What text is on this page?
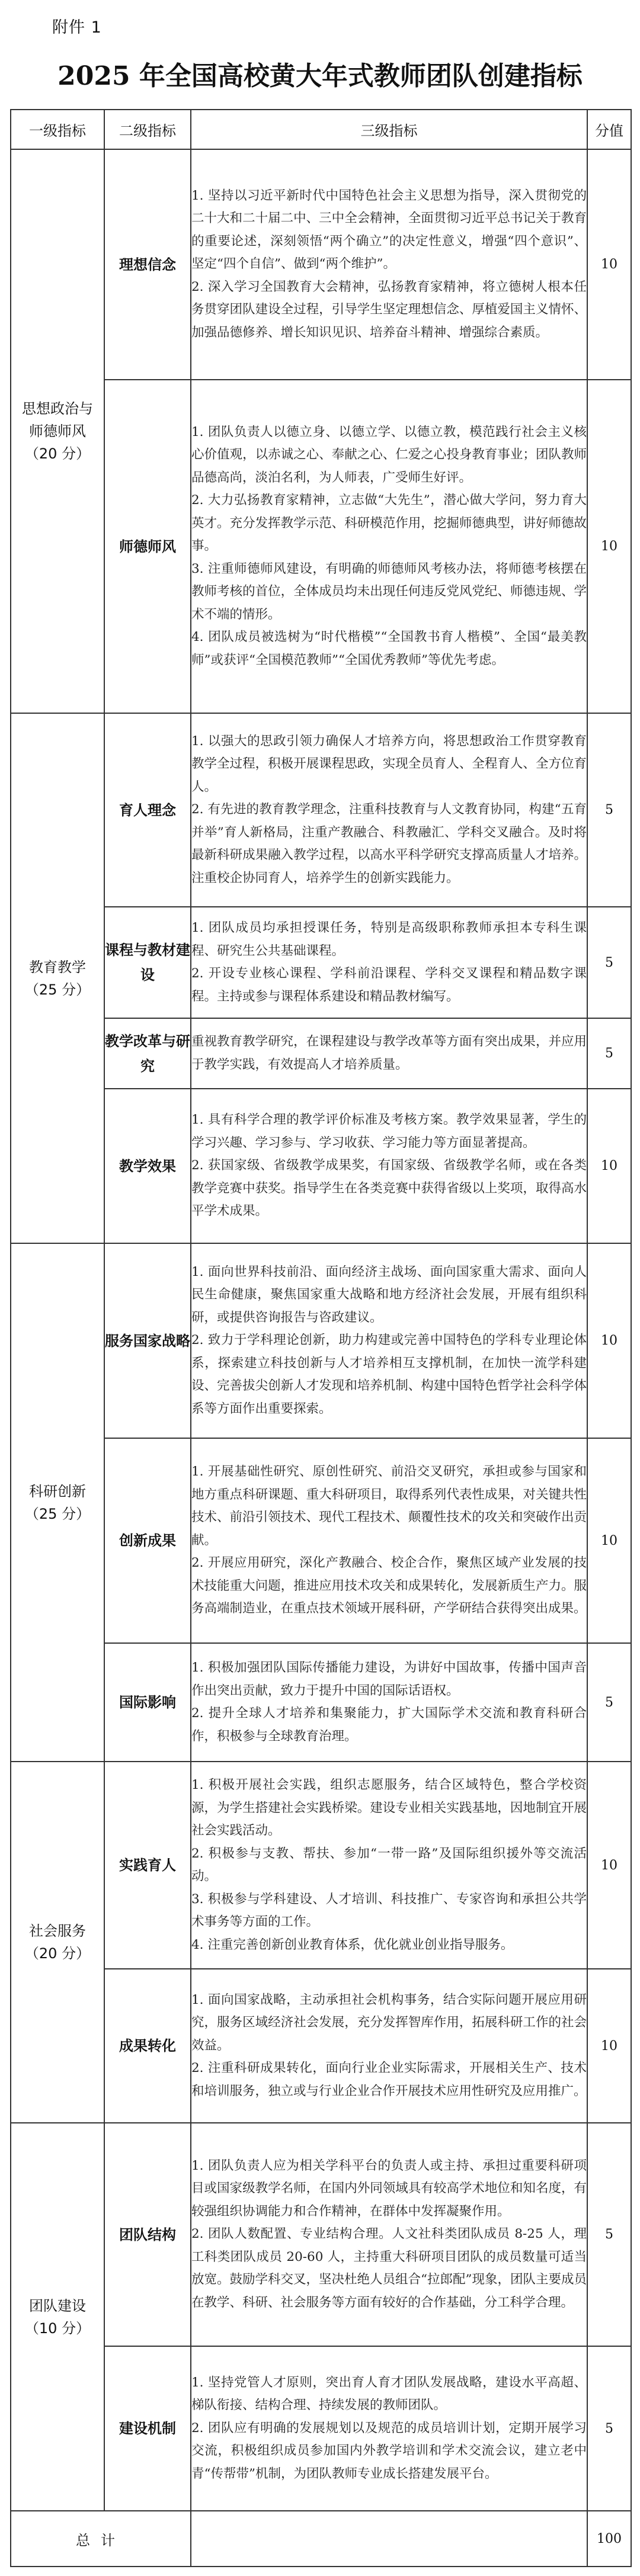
附件 1
2025 年全国高校黄大年式教师团队创建指标
一级指标	二级指标	三级指标	分值

思想政治与师德师风
（20 分）
	理想信念	

1. 坚持以习近平新时代中国特色社会主义思想为指导，深入贯彻党的二十大和二十届二中、三中全会精神，全面贯彻习近平总书记关于教育的重要论述，深刻领悟“两个确立”的决定性意义，增强“四个意识”、坚定“四个自信”、做到“两个维护”。

2. 深入学习全国教育大会精神，弘扬教育家精神，将立德树人根本任务贯穿团队建设全过程，引导学生坚定理想信念、厚植爱国主义情怀、加强品德修养、增长知识见识、培养奋斗精神、增强综合素质。

	10
	师德师风	1. 团队负责人以德立身、以德立学、以德立教，模范践行社会主义核心价值观，以赤诚之心、奉献之心、仁爱之心投身教育事业；团队教师品德高尚，淡泊名利，为人师表，广受师生好评。

2. 大力弘扬教育家精神，立志做“大先生”，潜心做大学问，努力育大英才。充分发挥教学示范、科研模范作用，挖掘师德典型，讲好师德故事。

3. 注重师德师风建设，有明确的师德师风考核办法，将师德考核摆在教师考核的首位，全体成员均未出现任何违反党风党纪、师德违规、学术不端的情形。

4. 团队成员被选树为“时代楷模”“全国教书育人楷模”、全国“最美教师”或获评“全国模范教师”“全国优秀教师”等优先考虑。	10

教育教学
（25 分）
	育人理念	

1. 以强大的思政引领力确保人才培养方向，将思想政治工作贯穿教育教学全过程，积极开展课程思政，实现全员育人、全程育人、全方位育人。

2. 有先进的教育教学理念，注重科技教育与人文教育协同，构建“五育并举”育人新格局，注重产教融合、科教融汇、学科交叉融合。及时将最新科研成果融入教学过程，以高水平科学研究支撑高质量人才培养。注重校企协同育人，培养学生的创新实践能力。

	5
	课程与教材建设	1. 团队成员均承担授课任务，特别是高级职称教师承担本专科生课程、研究生公共基础课程。

2. 开设专业核心课程、学科前沿课程、学科交叉课程和精品数字课程。主持或参与课程体系建设和精品教材编写。	5
	教学改革与研究	重视教育教学研究，在课程建设与教学改革等方面有突出成果，并应用于教学实践，有效提高人才培养质量。	5
	教学效果	1. 具有科学合理的教学评价标准及考核方案。教学效果显著，学生的学习兴趣、学习参与、学习收获、学习能力等方面显著提高。

2. 获国家级、省级教学成果奖，有国家级、省级教学名师，或在各类教学竞赛中获奖。指导学生在各类竞赛中获得省级以上奖项，取得高水平学术成果。	10

科研创新
（25 分）
	服务国家战略	

1. 面向世界科技前沿、面向经济主战场、面向国家重大需求、面向人民生命健康，聚焦国家重大战略和地方经济社会发展，开展有组织科研，或提供咨询报告与咨政建议。

2. 致力于学科理论创新，助力构建或完善中国特色的学科专业理论体系，探索建立科技创新与人才培养相互支撑机制，在加快一流学科建设、完善拔尖创新人才发现和培养机制、构建中国特色哲学社会科学体系等方面作出重要探索。

	10
	创新成果	1. 开展基础性研究、原创性研究、前沿交叉研究，承担或参与国家和地方重点科研课题、重大科研项目，取得系列代表性成果，对关键共性技术、前沿引领技术、现代工程技术、颠覆性技术的攻关和突破作出贡献。

2. 开展应用研究，深化产教融合、校企合作，聚焦区域产业发展的技术技能重大问题，推进应用技术攻关和成果转化，发展新质生产力。服务高端制造业，在重点技术领域开展科研，产学研结合获得突出成果。	10
	国际影响	1. 积极加强团队国际传播能力建设，为讲好中国故事，传播中国声音作出突出贡献，致力于提升中国的国际话语权。

2. 提升全球人才培养和集聚能力，扩大国际学术交流和教育科研合作，积极参与全球教育治理。	5

社会服务
（20 分）
	实践育人	

1. 积极开展社会实践，组织志愿服务，结合区域特色，整合学校资源，为学生搭建社会实践桥梁。建设专业相关实践基地，因地制宜开展社会实践活动。

2. 积极参与支教、帮扶、参加“一带一路”及国际组织援外等交流活动。

3. 积极参与学科建设、人才培训、科技推广、专家咨询和承担公共学术事务等方面的工作。

4. 注重完善创新创业教育体系，优化就业创业指导服务。

	10
	成果转化	1. 面向国家战略，主动承担社会机构事务，结合实际问题开展应用研究，服务区域经济社会发展，充分发挥智库作用，拓展科研工作的社会效益。

2. 注重科研成果转化，面向行业企业实际需求，开展相关生产、技术和培训服务，独立或与行业企业合作开展技术应用性研究及应用推广。	10

团队建设
（10 分）
	团队结构	

1. 团队负责人应为相关学科平台的负责人或主持、承担过重要科研项目或国家级教学名师，在国内外同领域具有较高学术地位和知名度，有较强组织协调能力和合作精神，在群体中发挥凝聚作用。

2. 团队人数配置、专业结构合理。人文社科类团队成员 8-25 人，理工科类团队成员 20-60 人，主持重大科研项目团队的成员数量可适当放宽。鼓励学科交叉，坚决杜绝人员组合“拉郎配”现象，团队主要成员在教学、科研、社会服务等方面有较好的合作基础，分工科学合理。

	5
	建设机制	1. 坚持党管人才原则，突出育人育才团队发展战略，建设水平高超、梯队衔接、结构合理、持续发展的教师团队。

2. 团队应有明确的发展规划以及规范的成员培训计划，定期开展学习交流，积极组织成员参加国内外教学培训和学术交流会议，建立老中青“传帮带”机制，为团队教师专业成长搭建发展平台。	5
总计			100
